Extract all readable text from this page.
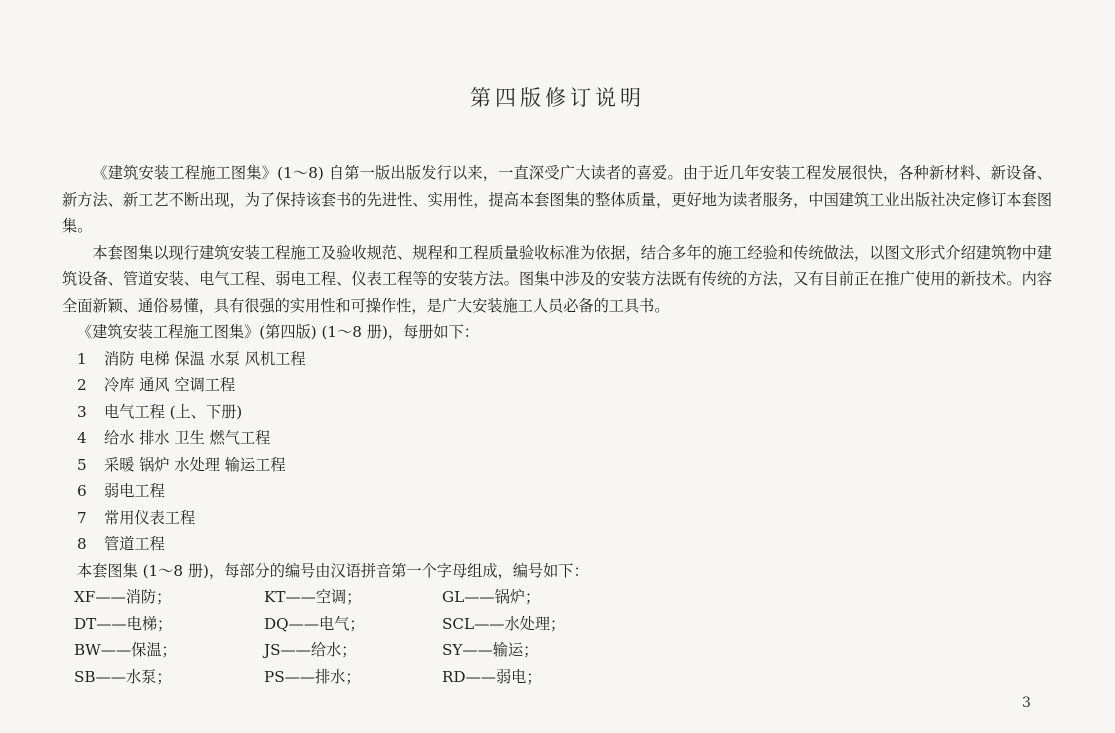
第四版修订说明

《建筑安装工程施工图集》(1～8) 自第一版出版发行以来，一直深受广大读者的喜爱。由于近几年安装工程发展很快，各种新材料、新设备、新方法、新工艺不断出现，为了保持该套书的先进性、实用性，提高本套图集的整体质量，更好地为读者服务，中国建筑工业出版社决定修订本套图集。

本套图集以现行建筑安装工程施工及验收规范、规程和工程质量验收标准为依据，结合多年的施工经验和传统做法，以图文形式介绍建筑物中建筑设备、管道安装、电气工程、弱电工程、仪表工程等的安装方法。图集中涉及的安装方法既有传统的方法，又有目前正在推广使用的新技术。内容全面新颖、通俗易懂，具有很强的实用性和可操作性，是广大安装施工人员必备的工具书。

《建筑安装工程施工图集》(第四版) (1～8 册)，每册如下：

1 消防 电梯 保温 水泵 风机工程

2 冷库 通风 空调工程

3 电气工程 (上、下册)

4 给水 排水 卫生 燃气工程

5 采暖 锅炉 水处理 输运工程

6 弱电工程

7 常用仪表工程

8 管道工程

本套图集 (1～8 册)，每部分的编号由汉语拼音第一个字母组成，编号如下：

XF——消防；	KT——空调；	GL——锅炉；
DT——电梯；	DQ——电气；	SCL——水处理；
BW——保温；	JS——给水；	SY——输运；
SB——水泵；	PS——排水；	RD——弱电；
3
